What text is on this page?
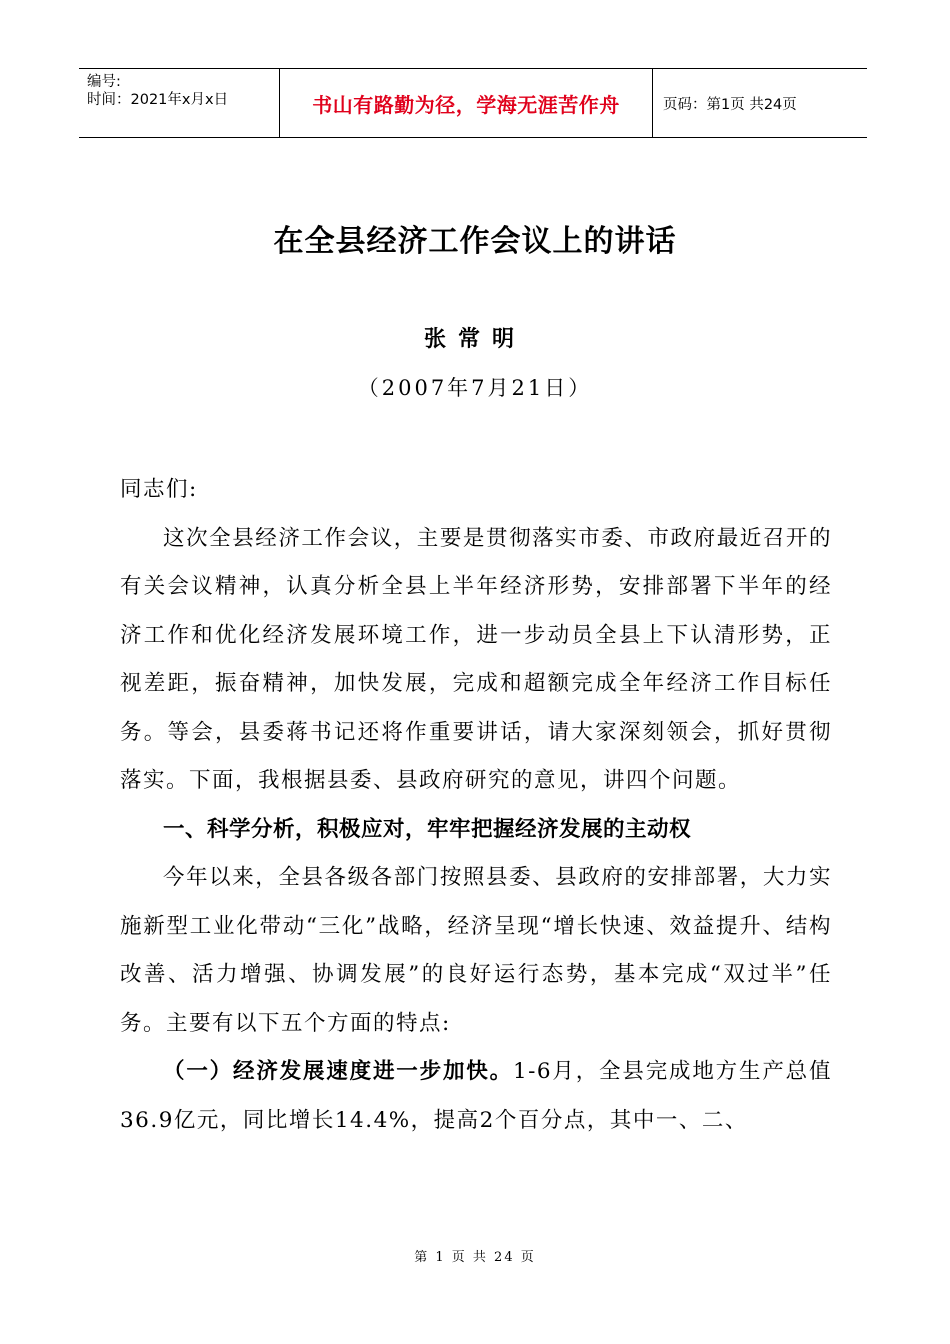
编号:
时间：2021年x月x日	书山有路勤为径，学海无涯苦作舟	页码：第1页 共24页
在全县经济工作会议上的讲话
张常明
（2007年7月21日）

同志们:

这次全县经济工作会议，主要是贯彻落实市委、市政府最近召开的有关会议精神，认真分析全县上半年经济形势，安排部署下半年的经济工作和优化经济发展环境工作，进一步动员全县上下认清形势，正视差距，振奋精神，加快发展，完成和超额完成全年经济工作目标任务。等会，县委蒋书记还将作重要讲话，请大家深刻领会，抓好贯彻落实。下面，我根据县委、县政府研究的意见，讲四个问题。

一、科学分析，积极应对，牢牢把握经济发展的主动权

今年以来，全县各级各部门按照县委、县政府的安排部署，大力实施新型工业化带动“三化”战略，经济呈现“增长快速、效益提升、结构改善、活力增强、协调发展”的良好运行态势，基本完成“双过半”任务。主要有以下五个方面的特点:

（一）经济发展速度进一步加快。1-6月，全县完成地方生产总值36.9亿元，同比增长14.4%，提高2个百分点，其中一、二、

第 1 页 共 24 页
